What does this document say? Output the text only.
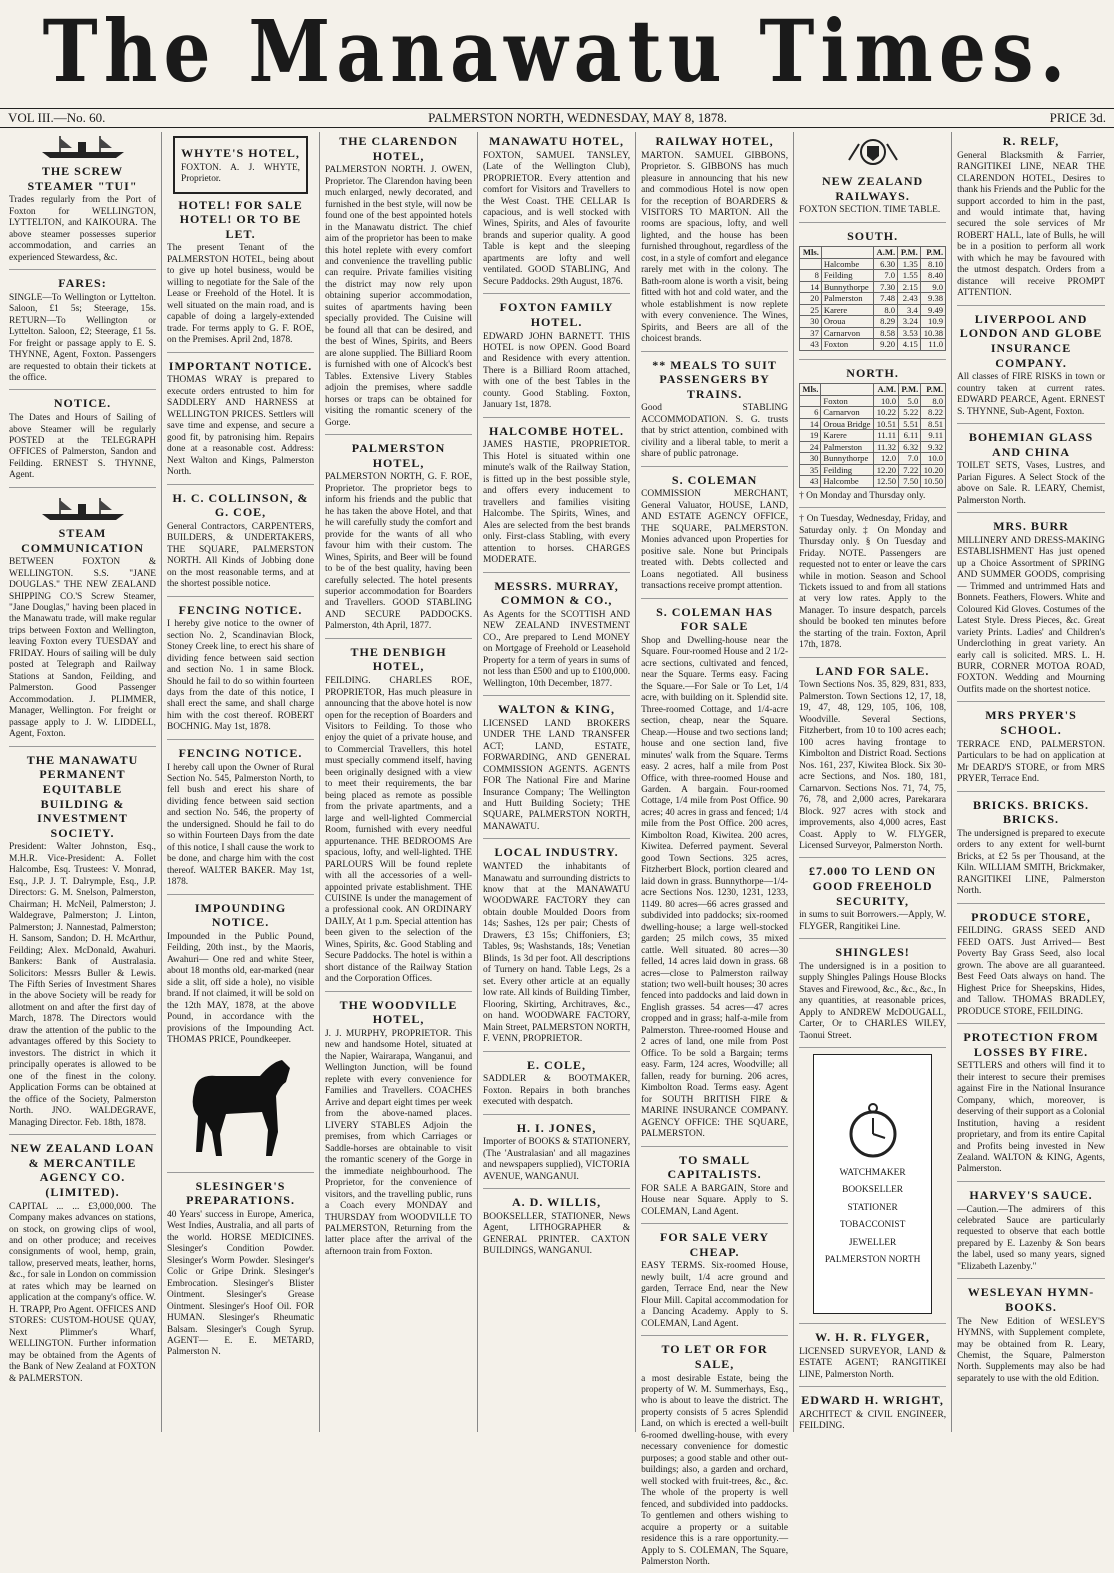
The Manawatu Times.
VOL III.—No. 60.	PALMERSTON NORTH, WEDNESDAY, MAY 8, 1878.	PRICE 3d.
THE SCREW STEAMER "TUI"
Trades regularly from the Port of Foxton for WELLINGTON, LYTTELTON, and KAIKOURA. The above steamer possesses superior accommodation, and carries an experienced Stewardess, &c.
FARES:
SINGLE—To Wellington or Lyttelton. Saloon, £1 5s; Steerage, 15s. RETURN—To Wellington or Lyttelton. Saloon, £2; Steerage, £1 5s. For freight or passage apply to E. S. THYNNE, Agent, Foxton. Passengers are requested to obtain their tickets at the office.
NOTICE.
The Dates and Hours of Sailing of above Steamer will be regularly POSTED at the TELEGRAPH OFFICES of Palmerston, Sandon and Feilding. ERNEST S. THYNNE, Agent.
STEAM COMMUNICATION
BETWEEN FOXTON & WELLINGTON. S.S. "JANE DOUGLAS." THE NEW ZEALAND SHIPPING CO.'S Screw Steamer, "Jane Douglas," having been placed in the Manawatu trade, will make regular trips between Foxton and Wellington, leaving Foxton every TUESDAY and FRIDAY. Hours of sailing will be duly posted at Telegraph and Railway Stations at Sandon, Feilding, and Palmerston. Good Passenger Accommodation. J. PLIMMER, Manager, Wellington. For freight or passage apply to J. W. LIDDELL, Agent, Foxton.
THE MANAWATU PERMANENT EQUITABLE BUILDING & INVESTMENT SOCIETY.
President: Walter Johnston, Esq., M.H.R. Vice-President: A. Follet Halcombe, Esq. Trustees: V. Monrad, Esq., J.P. J. T. Dalrymple, Esq., J.P. Directors: G. M. Snelson, Palmerston, Chairman; H. McNeil, Palmerston; J. Waldegrave, Palmerston; J. Linton, Palmerston; J. Nannestad, Palmerston; H. Sansom, Sandon; D. H. McArthur, Feilding; Alex. McDonald, Awahuri. Bankers: Bank of Australasia. Solicitors: Messrs Buller & Lewis. The Fifth Series of Investment Shares in the above Society will be ready for allotment on and after the first day of March, 1878. The Directors would draw the attention of the public to the advantages offered by this Society to investors. The district in which it principally operates is allowed to be one of the finest in the colony. Application Forms can be obtained at the office of the Society, Palmerston North. JNO. WALDEGRAVE, Managing Director. Feb. 18th, 1878.
NEW ZEALAND LOAN & MERCANTILE AGENCY CO. (LIMITED).
CAPITAL ... ... £3,000,000. The Company makes advances on stations, on stock, on growing clips of wool, and on other produce; and receives consignments of wool, hemp, grain, tallow, preserved meats, leather, horns, &c., for sale in London on commission at rates which may be learned on application at the company's office. W. H. TRAPP, Pro Agent. OFFICES AND STORES: CUSTOM-HOUSE QUAY, Next Plimmer's Wharf, WELLINGTON. Further information may be obtained from the Agents of the Bank of New Zealand at FOXTON & PALMERSTON.
WHYTE'S HOTEL,
FOXTON. A. J. WHYTE, Proprietor.
HOTEL! FOR SALE HOTEL! OR TO BE LET.
The present Tenant of the PALMERSTON HOTEL, being about to give up hotel business, would be willing to negotiate for the Sale of the Lease or Freehold of the Hotel. It is well situated on the main road, and is capable of doing a largely-extended trade. For terms apply to G. F. ROE, on the Premises. April 2nd, 1878.
IMPORTANT NOTICE.
THOMAS WRAY is prepared to execute orders entrusted to him for SADDLERY AND HARNESS at WELLINGTON PRICES. Settlers will save time and expense, and secure a good fit, by patronising him. Repairs done at a reasonable cost. Address: Next Walton and Kings, Palmerston North.
H. C. COLLINSON, & G. COE,
General Contractors, CARPENTERS, BUILDERS, & UNDERTAKERS, THE SQUARE, PALMERSTON NORTH. All Kinds of Jobbing done on the most reasonable terms, and at the shortest possible notice.
FENCING NOTICE.
I hereby give notice to the owner of section No. 2, Scandinavian Block, Stoney Creek line, to erect his share of dividing fence between said section and section No. 1 in same Block. Should he fail to do so within fourteen days from the date of this notice, I shall erect the same, and shall charge him with the cost thereof. ROBERT BOCHNIG. May 1st, 1878.
FENCING NOTICE.
I hereby call upon the Owner of Rural Section No. 545, Palmerston North, to fell bush and erect his share of dividing fence between said section and section No. 546, the property of the undersigned. Should he fail to do so within Fourteen Days from the date of this notice, I shall cause the work to be done, and charge him with the cost thereof. WALTER BAKER. May 1st, 1878.
IMPOUNDING NOTICE.
Impounded in the Public Pound, Feilding, 20th inst., by the Maoris, Awahuri— One red and white Steer, about 18 months old, ear-marked (near side a slit, off side a hole), no visible brand. If not claimed, it will be sold on the 12th MAY, 1878, at the above Pound, in accordance with the provisions of the Impounding Act. THOMAS PRICE, Poundkeeper.
SLESINGER'S PREPARATIONS.
40 Years' success in Europe, America, West Indies, Australia, and all parts of the world. HORSE MEDICINES. Slesinger's Condition Powder. Slesinger's Worm Powder. Slesinger's Colic or Gripe Drink. Slesinger's Embrocation. Slesinger's Blister Ointment. Slesinger's Grease Ointment. Slesinger's Hoof Oil. FOR HUMAN. Slesinger's Rheumatic Balsam. Slesinger's Cough Syrup. AGENT— E. E. METARD, Palmerston N.
THE CLARENDON HOTEL,
PALMERSTON NORTH. J. OWEN, Proprietor. The Clarendon having been much enlarged, newly decorated, and furnished in the best style, will now be found one of the best appointed hotels in the Manawatu district. The chief aim of the proprietor has been to make this hotel replete with every comfort and convenience the travelling public can require. Private families visiting the district may now rely upon obtaining superior accommodation, suites of apartments having been specially provided. The Cuisine will be found all that can be desired, and the best of Wines, Spirits, and Beers are alone supplied. The Billiard Room is furnished with one of Alcock's best Tables. Extensive Livery Stables adjoin the premises, where saddle horses or traps can be obtained for visiting the romantic scenery of the Gorge.
PALMERSTON HOTEL,
PALMERSTON NORTH, G. F. ROE, Proprietor. The proprietor begs to inform his friends and the public that he has taken the above Hotel, and that he will carefully study the comfort and provide for the wants of all who favour him with their custom. The Wines, Spirits, and Beer will be found to be of the best quality, having been carefully selected. The hotel presents superior accommodation for Boarders and Travellers. GOOD STABLING AND SECURE PADDOCKS. Palmerston, 4th April, 1877.
THE DENBIGH HOTEL,
FEILDING. CHARLES ROE, PROPRIETOR, Has much pleasure in announcing that the above hotel is now open for the reception of Boarders and Visitors to Feilding. To those who enjoy the quiet of a private house, and to Commercial Travellers, this hotel must specially commend itself, having been originally designed with a view to meet their requirements, the bar being placed as remote as possible from the private apartments, and a large and well-lighted Commercial Room, furnished with every needful appurtenance. THE BEDROOMS Are spacious, lofty, and well-lighted. THE PARLOURS Will be found replete with all the accessories of a well-appointed private establishment. THE CUISINE Is under the management of a professional cook. AN ORDINARY DAILY, At 1 p.m. Special attention has been given to the selection of the Wines, Spirits, &c. Good Stabling and Secure Paddocks. The hotel is within a short distance of the Railway Station and the Corporation Offices.
THE WOODVILLE HOTEL,
J. J. MURPHY, PROPRIETOR. This new and handsome Hotel, situated at the Napier, Wairarapa, Wanganui, and Wellington Junction, will be found replete with every convenience for Families and Travellers. COACHES Arrive and depart eight times per week from the above-named places. LIVERY STABLES Adjoin the premises, from which Carriages or Saddle-horses are obtainable to visit the romantic scenery of the Gorge in the immediate neighbourhood. The Proprietor, for the convenience of visitors, and the travelling public, runs a Coach every MONDAY and THURSDAY from WOODVILLE TO PALMERSTON, Returning from the latter place after the arrival of the afternoon train from Foxton.
MANAWATU HOTEL,
FOXTON, SAMUEL TANSLEY, (Late of the Wellington Club), PROPRIETOR. Every attention and comfort for Visitors and Travellers to the West Coast. THE CELLAR Is capacious, and is well stocked with Wines, Spirits, and Ales of favourite brands and superior quality. A good Table is kept and the sleeping apartments are lofty and well ventilated. GOOD STABLING, And Secure Paddocks. 29th August, 1876.
FOXTON FAMILY HOTEL.
EDWARD JOHN BARNETT. THIS HOTEL is now OPEN. Good Board and Residence with every attention. There is a Billiard Room attached, with one of the best Tables in the county. Good Stabling. Foxton, January 1st, 1878.
HALCOMBE HOTEL.
JAMES HASTIE, PROPRIETOR. This Hotel is situated within one minute's walk of the Railway Station, is fitted up in the best possible style, and offers every inducement to travellers and families visiting Halcombe. The Spirits, Wines, and Ales are selected from the best brands only. First-class Stabling, with every attention to horses. CHARGES MODERATE.
MESSRS. MURRAY, COMMON & CO.,
As Agents for the SCOTTISH AND NEW ZEALAND INVESTMENT CO., Are prepared to Lend MONEY on Mortgage of Freehold or Leasehold Property for a term of years in sums of not less than £500 and up to £100,000. Wellington, 10th December, 1877.
WALTON & KING,
LICENSED LAND BROKERS UNDER THE LAND TRANSFER ACT; LAND, ESTATE, FORWARDING, AND GENERAL COMMISSION AGENTS. AGENTS FOR The National Fire and Marine Insurance Company; The Wellington and Hutt Building Society; THE SQUARE, PALMERSTON NORTH, MANAWATU.
LOCAL INDUSTRY.
WANTED the inhabitants of Manawatu and surrounding districts to know that at the MANAWATU WOODWARE FACTORY they can obtain double Moulded Doors from 14s; Sashes, 12s per pair; Chests of Drawers, £3 15s; Chiffoniers, £3; Tables, 9s; Washstands, 18s; Venetian Blinds, 1s 3d per foot. All descriptions of Turnery on hand. Table Legs, 2s a set. Every other article at an equally low rate. All kinds of Building Timber, Flooring, Skirting, Architraves, &c., on hand. WOODWARE FACTORY, Main Street, PALMERSTON NORTH, F. VENN, PROPRIETOR.
E. COLE,
SADDLER & BOOTMAKER, Foxton. Repairs in both branches executed with despatch.
H. I. JONES,
Importer of BOOKS & STATIONERY, (The 'Australasian' and all magazines and newspapers supplied), VICTORIA AVENUE, WANGANUI.
A. D. WILLIS,
BOOKSELLER, STATIONER, News Agent, LITHOGRAPHER & GENERAL PRINTER. CAXTON BUILDINGS, WANGANUI.
RAILWAY HOTEL,
MARTON. SAMUEL GIBBONS, Proprietor. S. GIBBONS has much pleasure in announcing that his new and commodious Hotel is now open for the reception of BOARDERS & VISITORS TO MARTON. All the rooms are spacious, lofty, and well lighted, and the house has been furnished throughout, regardless of the cost, in a style of comfort and elegance rarely met with in the colony. The Bath-room alone is worth a visit, being fitted with hot and cold water, and the whole establishment is now replete with every convenience. The Wines, Spirits, and Beers are all of the choicest brands.
** MEALS TO SUIT PASSENGERS BY TRAINS.
Good STABLING ACCOMMODATION. S. G. trusts that by strict attention, combined with civility and a liberal table, to merit a share of public patronage.
S. COLEMAN
COMMISSION MERCHANT, General Valuator, HOUSE, LAND, AND ESTATE AGENCY OFFICE, THE SQUARE, PALMERSTON. Monies advanced upon Properties for positive sale. None but Principals treated with. Debts collected and Loans negotiated. All business transactions receive prompt attention.
S. COLEMAN HAS FOR SALE
Shop and Dwelling-house near the Square. Four-roomed House and 2 1/2-acre sections, cultivated and fenced, near the Square. Terms easy. Facing the Square.—For Sale or To Let, 1/4 acre, with building on it. Splendid site. Three-roomed Cottage, and 1/4-acre section, cheap, near the Square. Cheap.—House and two sections land; house and one section land, five minutes' walk from the Square. Terms easy. 2 acres, half a mile from Post Office, with three-roomed House and Garden. A bargain. Four-roomed Cottage, 1/4 mile from Post Office. 90 acres; 40 acres in grass and fenced; 1/4 mile from the Post Office. 200 acres, Kimbolton Road, Kiwitea. 200 acres, Kiwitea. Deferred payment. Several good Town Sections. 325 acres, Fitzherbert Block, portion cleared and laid down in grass. Bunnythorpe—1/4-acre Sections Nos. 1230, 1231, 1233, 1149. 80 acres—66 acres grassed and subdivided into paddocks; six-roomed dwelling-house; a large well-stocked garden; 25 milch cows, 35 mixed cattle. Well situated. 80 acres—30 felled, 14 acres laid down in grass. 68 acres—close to Palmerston railway station; two well-built houses; 30 acres fenced into paddocks and laid down in English grasses. 54 acres—47 acres cropped and in grass; half-a-mile from Palmerston. Three-roomed House and 2 acres of land, one mile from Post Office. To be sold a Bargain; terms easy. Farm, 124 acres, Woodville; all fallen, ready for burning. 206 acres, Kimbolton Road. Terms easy. Agent for SOUTH BRITISH FIRE & MARINE INSURANCE COMPANY. AGENCY OFFICE: THE SQUARE, PALMERSTON.
TO SMALL CAPITALISTS.
FOR SALE A BARGAIN, Store and House near Square. Apply to S. COLEMAN, Land Agent.
FOR SALE VERY CHEAP.
EASY TERMS. Six-roomed House, newly built, 1/4 acre ground and garden, Terrace End, near the New Flour Mill. Capital accommodation for a Dancing Academy. Apply to S. COLEMAN, Land Agent.
TO LET OR FOR SALE,
a most desirable Estate, being the property of W. M. Summerhays, Esq., who is about to leave the district. The property consists of 5 acres Splendid Land, on which is erected a well-built 6-roomed dwelling-house, with every necessary convenience for domestic purposes; a good stable and other out-buildings; also, a garden and orchard, well stocked with fruit-trees, &c., &c. The whole of the property is well fenced, and subdivided into paddocks. To gentlemen and others wishing to acquire a property or a suitable residence this is a rare opportunity.—Apply to S. COLEMAN, The Square, Palmerston North.
NEW ZEALAND RAILWAYS.
FOXTON SECTION. TIME TABLE.
SOUTH.
Mls.		A.M.	P.M.	P.M.
	Halcombe	6.30	1.35	8.10
8	Feilding	7.0	1.55	8.40
14	Bunnythorpe	7.30	2.15	9.0
20	Palmerston	7.48	2.43	9.38
25	Karere	8.0	3.4	9.49
30	Oroua	8.29	3.24	10.9
37	Carnarvon	8.58	3.53	10.38
43	Foxton	9.20	4.15	11.0
NORTH.
Mls.		A.M.	P.M.	P.M.
	Foxton	10.0	5.0	8.0
6	Carnarvon	10.22	5.22	8.22
14	Oroua Bridge	10.51	5.51	8.51
19	Karere	11.11	6.11	9.11
24	Palmerston	11.32	6.32	9.32
30	Bunnythorpe	12.0	7.0	10.0
35	Feilding	12.20	7.22	10.20
43	Halcombe	12.50	7.50	10.50
† On Monday and Thursday only.
† On Tuesday, Wednesday, Friday, and Saturday only. ‡ On Monday and Thursday only. § On Tuesday and Friday. NOTE. Passengers are requested not to enter or leave the cars while in motion. Season and School Tickets issued to and from all stations at very low rates. Apply to the Manager. To insure despatch, parcels should be booked ten minutes before the starting of the train. Foxton, April 17th, 1878.
LAND FOR SALE.
Town Sections Nos. 35, 829, 831, 833, Palmerston. Town Sections 12, 17, 18, 19, 47, 48, 129, 105, 106, 108, Woodville. Several Sections, Fitzherbert, from 10 to 100 acres each; 100 acres having frontage to Kimbolton and District Road. Sections Nos. 161, 237, Kiwitea Block. Six 30-acre Sections, and Nos. 180, 181, Carnarvon. Sections Nos. 71, 74, 75, 76, 78, and 2,000 acres, Parekarara Block. 927 acres with stock and improvements, also 4,000 acres, East Coast. Apply to W. FLYGER, Licensed Surveyor, Palmerston North.
£7.000 TO LEND ON GOOD FREEHOLD SECURITY,
in sums to suit Borrowers.—Apply, W. FLYGER, Rangitikei Line.
SHINGLES!
The undersigned is in a position to supply Shingles Palings House Blocks Staves and Firewood, &c., &c., &c., In any quantities, at reasonable prices, Apply to ANDREW McDOUGALL, Carter, Or to CHARLES WILEY, Taonui Street.
WATCHMAKER
BOOKSELLER
STATIONER
TOBACCONIST
JEWELLER
PALMERSTON NORTH
W. H. R. FLYGER,
LICENSED SURVEYOR, LAND & ESTATE AGENT; RANGITIKEI LINE, Palmerston North.
EDWARD H. WRIGHT,
ARCHITECT & CIVIL ENGINEER, FEILDING.
R. RELF,
General Blacksmith & Farrier, RANGITIKEI LINE, NEAR THE CLARENDON HOTEL, Desires to thank his Friends and the Public for the support accorded to him in the past, and would intimate that, having secured the sole services of Mr ROBERT HALL, late of Bulls, he will be in a position to perform all work with which he may be favoured with the utmost despatch. Orders from a distance will receive PROMPT ATTENTION.
LIVERPOOL AND LONDON AND GLOBE INSURANCE COMPANY.
All classes of FIRE RISKS in town or country taken at current rates. EDWARD PEARCE, Agent. ERNEST S. THYNNE, Sub-Agent, Foxton.
BOHEMIAN GLASS AND CHINA
TOILET SETS, Vases, Lustres, and Parian Figures. A Select Stock of the above on Sale. R. LEARY, Chemist, Palmerston North.
MRS. BURR
MILLINERY AND DRESS-MAKING ESTABLISHMENT Has just opened up a Choice Assortment of SPRING AND SUMMER GOODS, comprising— Trimmed and untrimmed Hats and Bonnets. Feathers, Flowers. White and Coloured Kid Gloves. Costumes of the Latest Style. Dress Pieces, &c. Great variety Prints. Ladies' and Children's Underclothing in great variety. An early call is solicited. MRS. L. H. BURR, CORNER MOTOA ROAD, FOXTON. Wedding and Mourning Outfits made on the shortest notice.
MRS PRYER'S SCHOOL.
TERRACE END, PALMERSTON. Particulars to be had on application at Mr DEARD'S STORE, or from MRS PRYER, Terrace End.
BRICKS. BRICKS. BRICKS.
The undersigned is prepared to execute orders to any extent for well-burnt Bricks, at £2 5s per Thousand, at the Kiln. WILLIAM SMITH, Brickmaker, RANGITIKEI LINE, Palmerston North.
PRODUCE STORE,
FEILDING. GRASS SEED AND FEED OATS. Just Arrived— Best Poverty Bay Grass Seed, also local grown. The above are all guaranteed. Best Feed Oats always on hand. The Highest Price for Sheepskins, Hides, and Tallow. THOMAS BRADLEY, PRODUCE STORE, FEILDING.
PROTECTION FROM LOSSES BY FIRE.
SETTLERS and others will find it to their interest to secure their premises against Fire in the National Insurance Company, which, moreover, is deserving of their support as a Colonial Institution, having a resident proprietary, and from its entire Capital and Profits being invested in New Zealand. WALTON & KING, Agents, Palmerston.
HARVEY'S SAUCE.
—Caution.—The admirers of this celebrated Sauce are particularly requested to observe that each bottle prepared by E. Lazenby & Son bears the label, used so many years, signed "Elizabeth Lazenby."
WESLEYAN HYMN-BOOKS.
The New Edition of WESLEY'S HYMNS, with Supplement complete, may be obtained from R. Leary, Chemist, the Square, Palmerston North. Supplements may also be had separately to use with the old Edition.
